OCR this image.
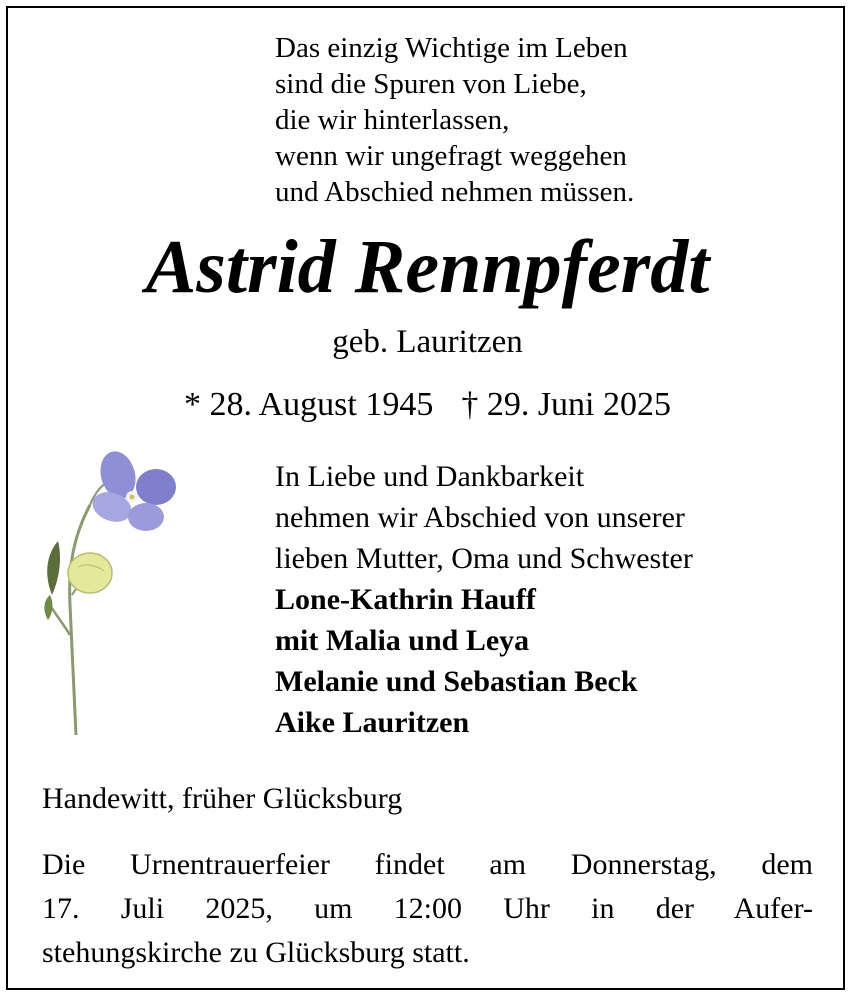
Das einzig Wichtige im Leben
sind die Spuren von Liebe,
die wir hinterlassen,
wenn wir ungefragt weggehen
und Abschied nehmen müssen.
Astrid Rennpferdt
geb. Lauritzen
* 28. August 1945 † 29. Juni 2025
In Liebe und Dankbarkeit
nehmen wir Abschied von unserer
lieben Mutter, Oma und Schwester
Lone-Kathrin Hauff
mit Malia und Leya
Melanie und Sebastian Beck
Aike Lauritzen
Handewitt, früher Glücksburg
Die Urnentrauerfeier findet am Donnerstag, dem
17. Juli 2025, um 12:00 Uhr in der Aufer-
stehungskirche zu Glücksburg statt.
